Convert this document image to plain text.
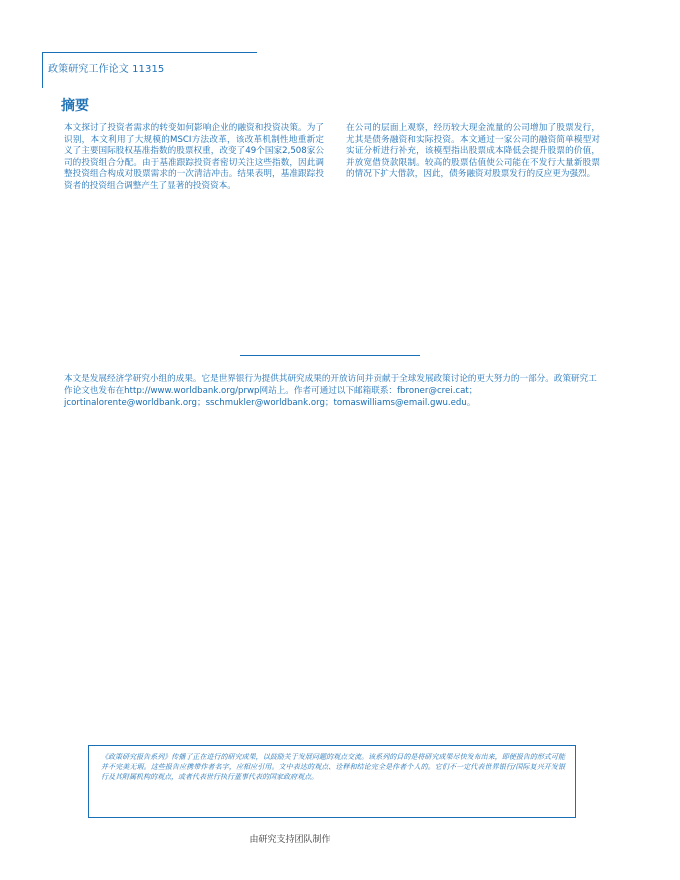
政策研究工作论文 11315
摘要
本文探讨了投资者需求的转变如何影响企业的融资和投资决策。为了识别，本文利用了大规模的MSCI方法改革，该改革机制性地重新定义了主要国际股权基准指数的股票权重，改变了49个国家2,508家公司的投资组合分配。由于基准跟踪投资者密切关注这些指数，因此调整投资组合构成对股票需求的一次清洁冲击。结果表明，基准跟踪投资者的投资组合调整产生了显著的投资资本。
在公司的层面上观察，经历较大现金流量的公司增加了股票发行，尤其是债务融资和实际投资。本文通过一家公司的融资简单模型对实证分析进行补充，该模型指出股票成本降低会提升股票的价值，并放宽借贷款限制。较高的股票估值使公司能在不发行大量新股票的情况下扩大借款，因此，债务融资对股票发行的反应更为强烈。
本文是发展经济学研究小组的成果。它是世界银行为提供其研究成果的开放访问并贡献于全球发展政策讨论的更大努力的一部分。政策研究工作论文也发布在http://www.worldbank.org/prwp网站上。作者可通过以下邮箱联系：fbroner@crei.cat；jcortinalorente@worldbank.org；sschmukler@worldbank.org；tomaswilliams@email.gwu.edu。
《政策研究报告系列》传播了正在进行的研究成果，以鼓励关于发展问题的观点交流。该系列的目的是将研究成果尽快发布出来，即便报告的形式可能并不完美无瑕。这些报告应携带作者名字，应相应引用。文中表达的观点、诠释和结论完全是作者个人的。它们不一定代表世界银行/国际复兴开发银行及其附属机构的观点，或者代表世行执行董事代表的国家政府观点。
由研究支持团队制作
